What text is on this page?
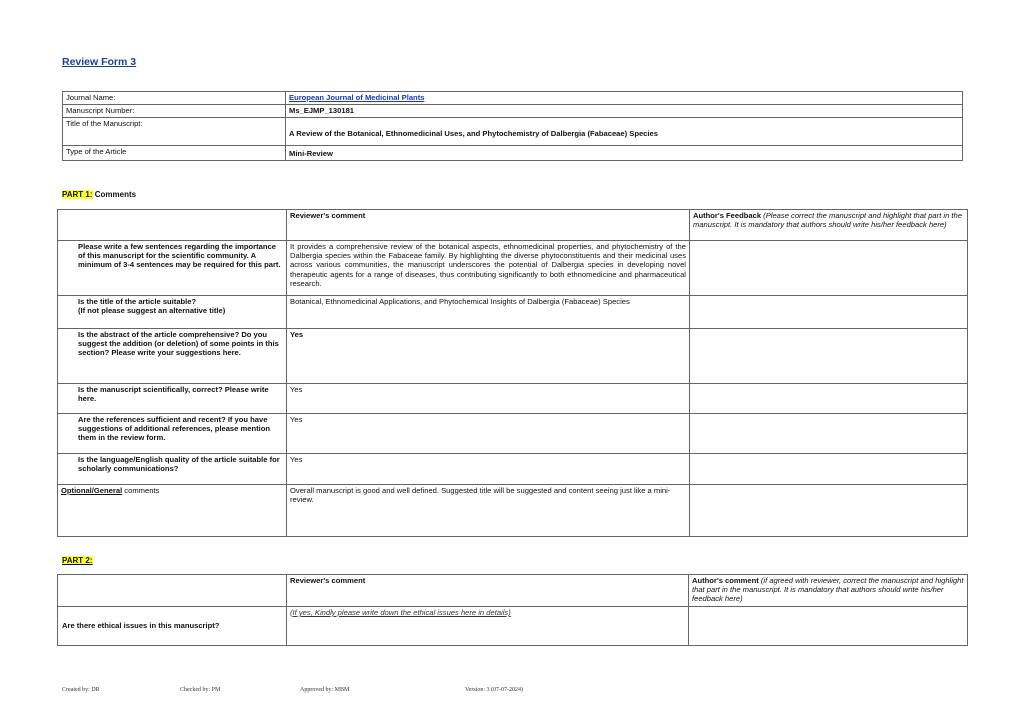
Review Form 3
Journal Name:	European Journal of Medicinal Plants
Manuscript Number:	Ms_EJMP_130181
Title of the Manuscript:	A Review of the Botanical, Ethnomedicinal Uses, and Phytochemistry of Dalbergia (Fabaceae) Species
Type of the Article	Mini-Review
PART 1: Comments
	Reviewer's comment	Author's Feedback (Please correct the manuscript and highlight that part in the manuscript. It is mandatory that authors should write his/her feedback here)
Please write a few sentences regarding the importance of this manuscript for the scientific community. A minimum of 3-4 sentences may be required for this part.	It provides a comprehensive review of the botanical aspects, ethnomedicinal properties, and phytochemistry of the Dalbergia species within the Fabaceae family. By highlighting the diverse phytoconstituents and their medicinal uses across various communities, the manuscript underscores the potential of Dalbergia species in developing novel therapeutic agents for a range of diseases, thus contributing significantly to both ethnomedicine and pharmaceutical research.	

Is the title of the article suitable?
(If not please suggest an alternative title)	Botanical, Ethnomedicinal Applications, and Phytochemical Insights of Dalbergia (Fabaceae) Species	
Is the abstract of the article comprehensive? Do you suggest the addition (or deletion) of some points in this section? Please write your suggestions here.	Yes	
Is the manuscript scientifically, correct? Please write here.	Yes	
Are the references sufficient and recent? If you have suggestions of additional references, please mention them in the review form.	Yes	
Is the language/English quality of the article suitable for scholarly communications?	Yes	
Optional/General comments	Overall manuscript is good and well defined. Suggested title will be suggested and content seeing just like a mini-review.	
PART 2:
	Reviewer's comment	Author's comment (if agreed with reviewer, correct the manuscript and highlight that part in the manuscript. It is mandatory that authors should write his/her feedback here)
Are there ethical issues in this manuscript?	(If yes, Kindly please write down the ethical issues here in details)	
Created by: DR	Checked by: PM	Approved by: MBM	Version: 3 (07-07-2024)
